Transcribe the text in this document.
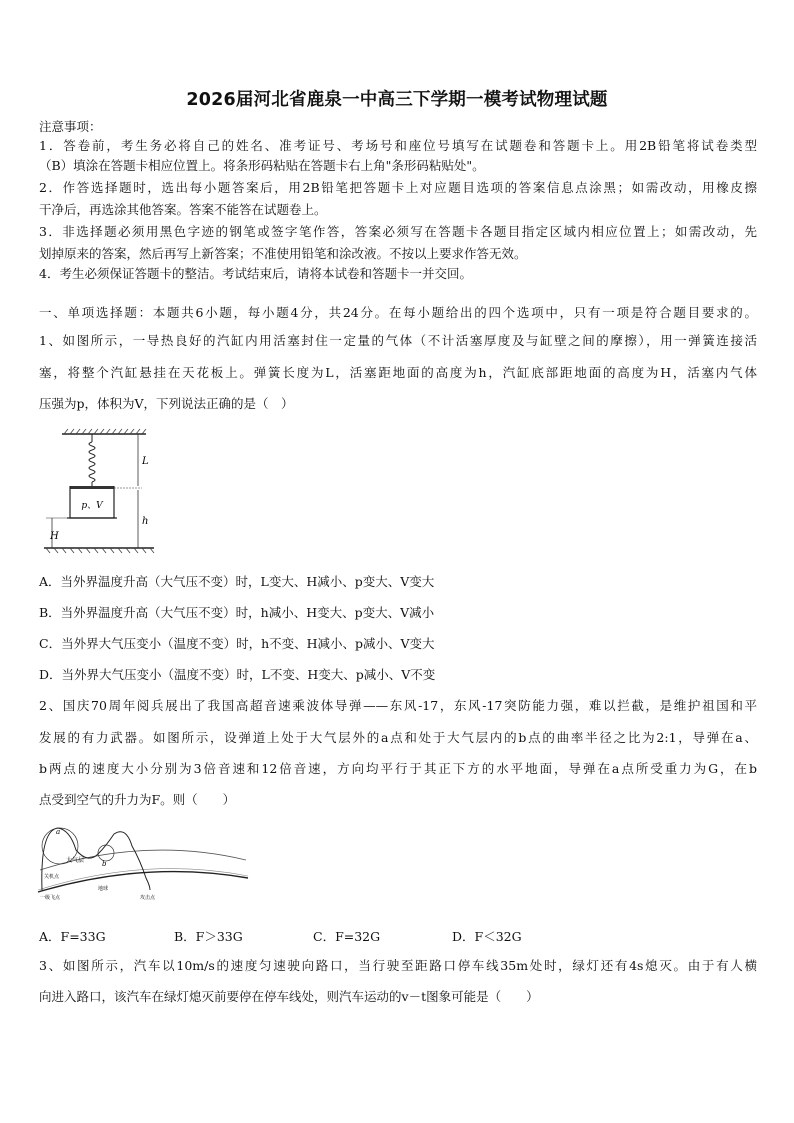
2026届河北省鹿泉一中高三下学期一模考试物理试题
注意事项：
1．答卷前，考生务必将自己的姓名、准考证号、考场号和座位号填写在试题卷和答题卡上。用2B铅笔将试卷类型
（B）填涂在答题卡相应位置上。将条形码粘贴在答题卡右上角"条形码粘贴处"。
2．作答选择题时，选出每小题答案后，用2B铅笔把答题卡上对应题目选项的答案信息点涂黑；如需改动，用橡皮擦
干净后，再选涂其他答案。答案不能答在试题卷上。
3．非选择题必须用黑色字迹的钢笔或签字笔作答，答案必须写在答题卡各题目指定区域内相应位置上；如需改动，先
划掉原来的答案，然后再写上新答案；不准使用铅笔和涂改液。不按以上要求作答无效。
4．考生必须保证答题卡的整洁。考试结束后，请将本试卷和答题卡一并交回。
一、单项选择题：本题共6小题，每小题4分，共24分。在每小题给出的四个选项中，只有一项是符合题目要求的。
1、如图所示，一导热良好的汽缸内用活塞封住一定量的气体（不计活塞厚度及与缸壁之间的摩擦），用一弹簧连接活
塞，将整个汽缸悬挂在天花板上。弹簧长度为L，活塞距地面的高度为h，汽缸底部距地面的高度为H，活塞内气体
压强为p，体积为V，下列说法正确的是（　）
p、V
L
h
H
A．当外界温度升高（大气压不变）时，L变大、H减小、p变大、V变大
B．当外界温度升高（大气压不变）时，h减小、H变大、p变大、V减小
C．当外界大气压变小（温度不变）时，h不变、H减小、p减小、V变大
D．当外界大气压变小（温度不变）时，L不变、H变大、p减小、V不变
2、国庆70周年阅兵展出了我国高超音速乘波体导弹——东风-17，东风-17突防能力强，难以拦截，是维护祖国和平
发展的有力武器。如图所示，设弹道上处于大气层外的a点和处于大气层内的b点的曲率半径之比为2:1，导弹在a、
b两点的速度大小分别为3倍音速和12倍音速，方向均平行于其正下方的水平地面，导弹在a点所受重力为G，在b
点受到空气的升力为F。则（　　）
a
b
大气层
关机点
一级飞点
地球
攻击点
A．F=33G	B．F＞33G	C．F=32G	D．F＜32G
3、如图所示，汽车以10m/s的速度匀速驶向路口，当行驶至距路口停车线35m处时，绿灯还有4s熄灭。由于有人横
向进入路口，该汽车在绿灯熄灭前要停在停车线处，则汽车运动的v－t图象可能是（　　）
